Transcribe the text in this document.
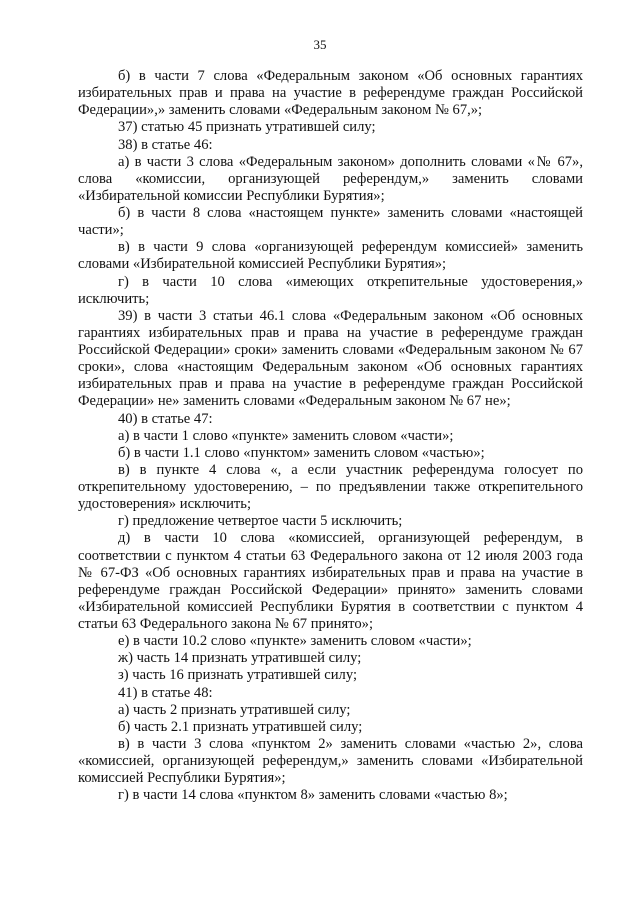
35

б) в части 7 слова «Федеральным законом «Об основных гарантиях избирательных прав и права на участие в референдуме граждан Российской Федерации»,» заменить словами «Федеральным законом № 67,»;

37) статью 45 признать утратившей силу;

38) в статье 46:

а) в части 3 слова «Федеральным законом» дополнить словами «№ 67», слова «комиссии, организующей референдум,» заменить словами «Избирательной комиссии Республики Бурятия»;

б) в части 8 слова «настоящем пункте» заменить словами «настоящей части»;

в) в части 9 слова «организующей референдум комиссией» заменить словами «Избирательной комиссией Республики Бурятия»;

г) в части 10 слова «имеющих открепительные удостоверения,» исключить;

39) в части 3 статьи 46.1 слова «Федеральным законом «Об основных гарантиях избирательных прав и права на участие в референдуме граждан Российской Федерации» сроки» заменить словами «Федеральным законом № 67 сроки», слова «настоящим Федеральным законом «Об основных гарантиях избирательных прав и права на участие в референдуме граждан Российской Федерации» не» заменить словами «Федеральным законом № 67 не»;

40) в статье 47:

а) в части 1 слово «пункте» заменить словом «части»;

б) в части 1.1 слово «пунктом» заменить словом «частью»;

в) в пункте 4 слова «, а если участник референдума голосует по открепительному удостоверению, – по предъявлении также открепительного удостоверения» исключить;

г) предложение четвертое части 5 исключить;

д) в части 10 слова «комиссией, организующей референдум, в соответствии с пунктом 4 статьи 63 Федерального закона от 12 июля 2003 года № 67-ФЗ «Об основных гарантиях избирательных прав и права на участие в референдуме граждан Российской Федерации» принято» заменить словами «Избирательной комиссией Республики Бурятия в соответствии с пунктом 4 статьи 63 Федерального закона № 67 принято»;

е) в части 10.2 слово «пункте» заменить словом «части»;

ж) часть 14 признать утратившей силу;

з) часть 16 признать утратившей силу;

41) в статье 48:

а) часть 2 признать утратившей силу;

б) часть 2.1 признать утратившей силу;

в) в части 3 слова «пунктом 2» заменить словами «частью 2», слова «комиссией, организующей референдум,» заменить словами «Избирательной комиссией Республики Бурятия»;

г) в части 14 слова «пунктом 8» заменить словами «частью 8»;
